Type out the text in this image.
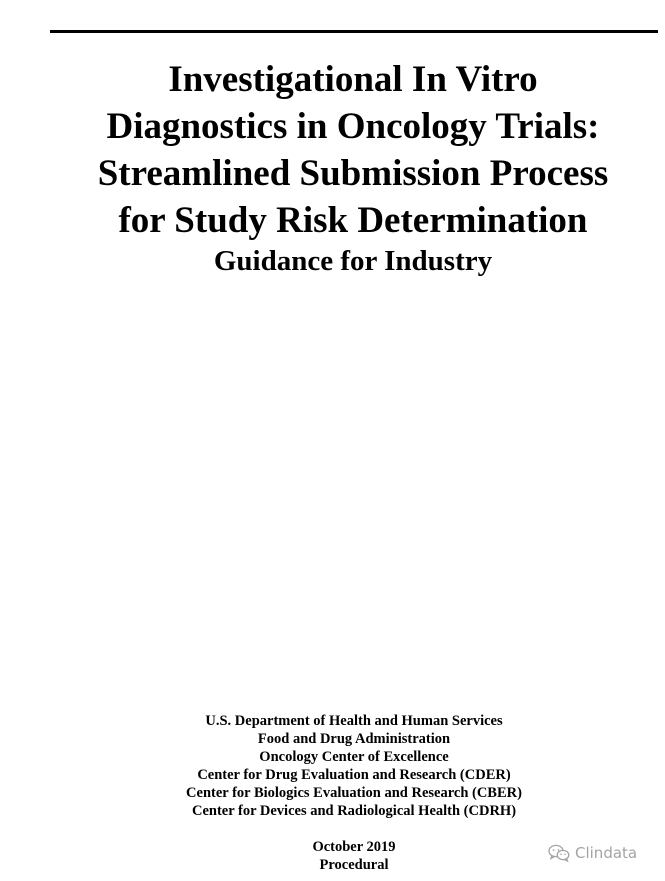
Investigational In Vitro
Diagnostics in Oncology Trials:
Streamlined Submission Process
for Study Risk Determination
Guidance for Industry
U.S. Department of Health and Human Services
Food and Drug Administration
Oncology Center of Excellence
Center for Drug Evaluation and Research (CDER)
Center for Biologics Evaluation and Research (CBER)
Center for Devices and Radiological Health (CDRH)
October 2019
Procedural
Clindata
